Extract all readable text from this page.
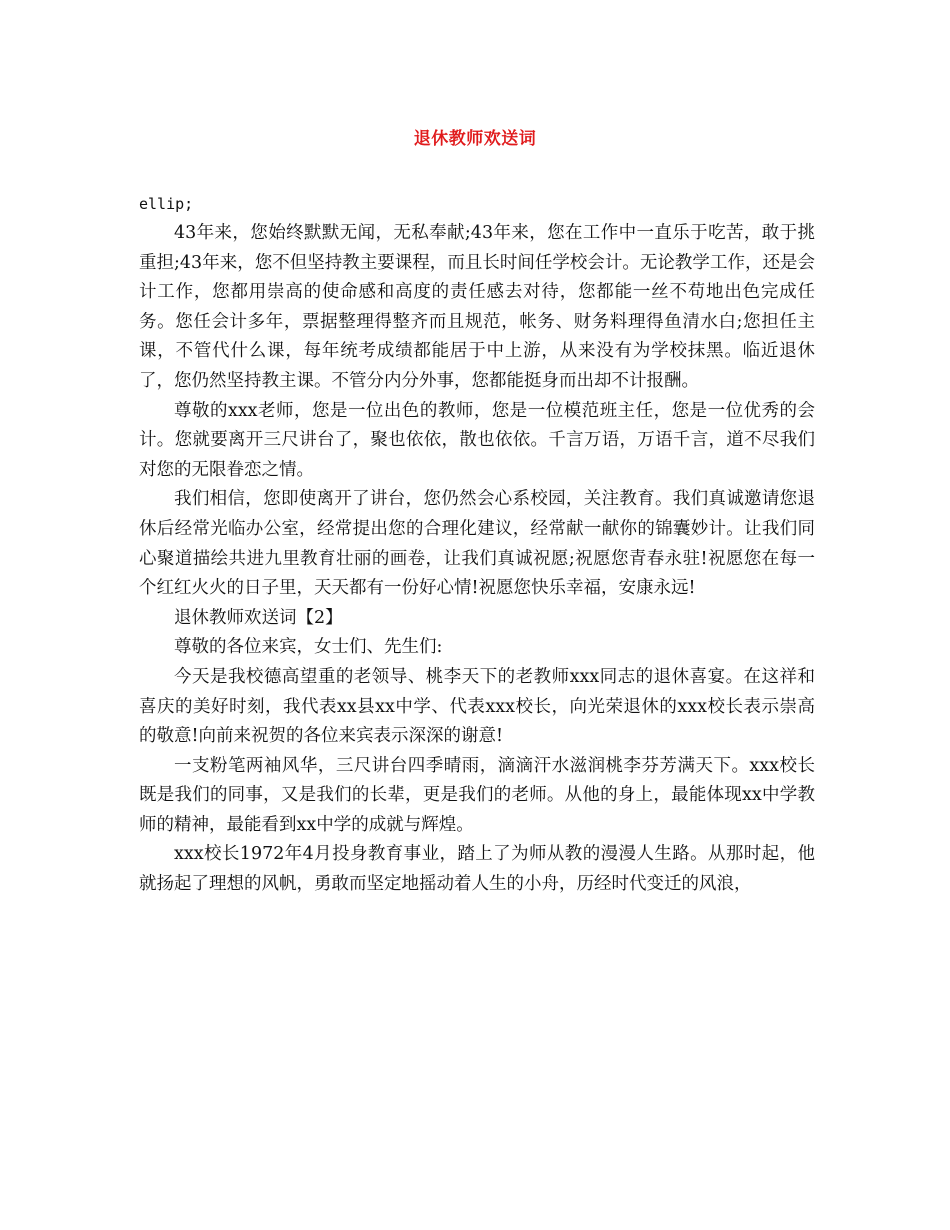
退休教师欢送词

ellip;

43年来，您始终默默无闻，无私奉献;43年来，您在工作中一直乐于吃苦，敢于挑重担;43年来，您不但坚持教主要课程，而且长时间任学校会计。无论教学工作，还是会计工作，您都用崇高的使命感和高度的责任感去对待，您都能一丝不苟地出色完成任务。您任会计多年，票据整理得整齐而且规范，帐务、财务料理得鱼清水白;您担任主课，不管代什么课，每年统考成绩都能居于中上游，从来没有为学校抹黑。临近退休了，您仍然坚持教主课。不管分内分外事，您都能挺身而出却不计报酬。

尊敬的xxx老师，您是一位出色的教师，您是一位模范班主任，您是一位优秀的会计。您就要离开三尺讲台了，聚也依依，散也依依。千言万语，万语千言，道不尽我们对您的无限眷恋之情。

我们相信，您即使离开了讲台，您仍然会心系校园，关注教育。我们真诚邀请您退休后经常光临办公室，经常提出您的合理化建议，经常献一献你的锦囊妙计。让我们同心聚道描绘共进九里教育壮丽的画卷，让我们真诚祝愿;祝愿您青春永驻!祝愿您在每一个红红火火的日子里，天天都有一份好心情!祝愿您快乐幸福，安康永远!

退休教师欢送词【2】

尊敬的各位来宾，女士们、先生们:

今天是我校德高望重的老领导、桃李天下的老教师xxx同志的退休喜宴。在这祥和喜庆的美好时刻，我代表xx县xx中学、代表xxx校长，向光荣退休的xxx校长表示崇高的敬意!向前来祝贺的各位来宾表示深深的谢意!

一支粉笔两袖风华，三尺讲台四季晴雨，滴滴汗水滋润桃李芬芳满天下。xxx校长既是我们的同事，又是我们的长辈，更是我们的老师。从他的身上，最能体现xx中学教师的精神，最能看到xx中学的成就与辉煌。

xxx校长1972年4月投身教育事业，踏上了为师从教的漫漫人生路。从那时起，他就扬起了理想的风帆，勇敢而坚定地摇动着人生的小舟，历经时代变迁的风浪，
